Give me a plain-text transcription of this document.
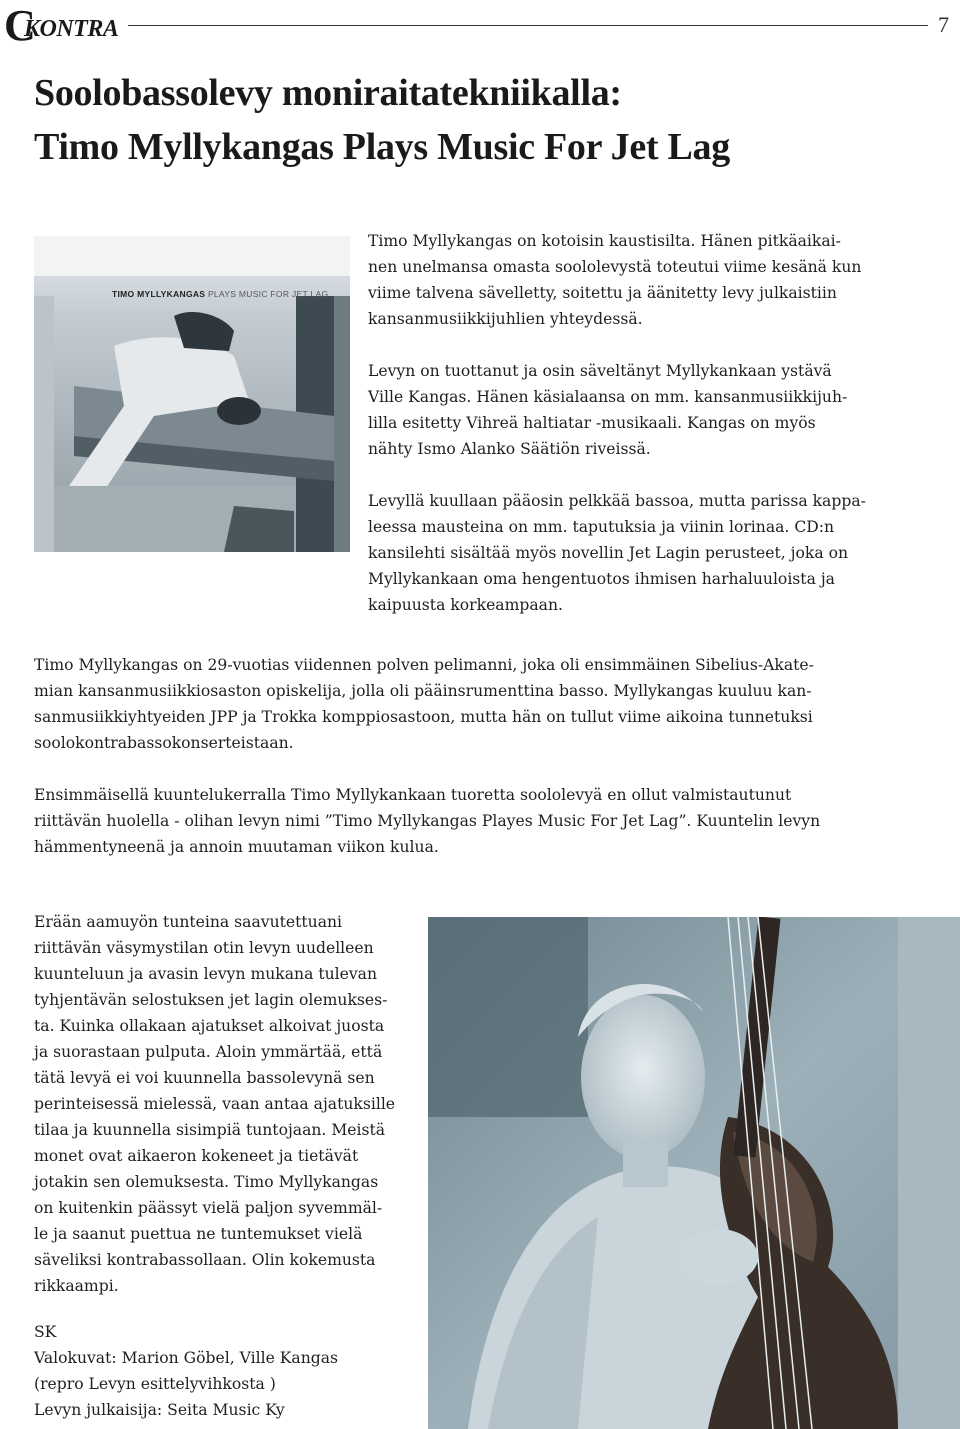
C
KONTRA	7
Soolobassolevy moniraitatekniikalla:
Timo Myllykangas Plays Music For Jet Lag
TIMO MYLLYKANGAS PLAYS MUSIC FOR JET LAG

Timo Myllykangas on kotoisin kaustisilta. Hänen pitkäaikai-
nen unelmansa omasta soololevystä toteutui viime kesänä kun
viime talvena sävelletty, soitettu ja äänitetty levy julkaistiin
kansanmusiikkijuhlien yhteydessä.

Levyn on tuottanut ja osin säveltänyt Myllykankaan ystävä
Ville Kangas. Hänen käsialaansa on mm. kansanmusiikkijuh-
lilla esitetty Vihreä haltiatar -musikaali. Kangas on myös
nähty Ismo Alanko Säätiön riveissä.

Levyllä kuullaan pääosin pelkkää bassoa, mutta parissa kappa-
leessa mausteina on mm. taputuksia ja viinin lorinaa. CD:n
kansilehti sisältää myös novellin Jet Lagin perusteet, joka on
Myllykankaan oma hengentuotos ihmisen harhaluuloista ja
kaipuusta korkeampaan.

Timo Myllykangas on 29-vuotias viidennen polven pelimanni, joka oli ensimmäinen Sibelius-Akate-
mian kansanmusiikkiosaston opiskelija, jolla oli pääinsrumenttina basso. Myllykangas kuuluu kan-
sanmusiikkiyhtyeiden JPP ja Trokka komppiosastoon, mutta hän on tullut viime aikoina tunnetuksi
soolokontrabassokonserteistaan.

Ensimmäisellä kuuntelukerralla Timo Myllykankaan tuoretta soololevyä en ollut valmistautunut
riittävän huolella - olihan levyn nimi ”Timo Myllykangas Playes Music For Jet Lag”. Kuuntelin levyn
hämmentyneenä ja annoin muutaman viikon kulua.

Erään aamuyön tunteina saavutettuani
riittävän väsymystilan otin levyn uudelleen
kuunteluun ja avasin levyn mukana tulevan
tyhjentävän selostuksen jet lagin olemukses-
ta. Kuinka ollakaan ajatukset alkoivat juosta
ja suorastaan pulputa. Aloin ymmärtää, että
tätä levyä ei voi kuunnella bassolevynä sen
perinteisessä mielessä, vaan antaa ajatuksille
tilaa ja kuunnella sisimpiä tuntojaan. Meistä
monet ovat aikaeron kokeneet ja tietävät
jotakin sen olemuksesta. Timo Myllykangas
on kuitenkin päässyt vielä paljon syvemmäl-
le ja saanut puettua ne tuntemukset vielä
säveliksi kontrabassollaan. Olin kokemusta
rikkaampi.

SK
Valokuvat: Marion Göbel, Ville Kangas
(repro Levyn esittelyvihkosta )
Levyn julkaisija: Seita Music Ky
